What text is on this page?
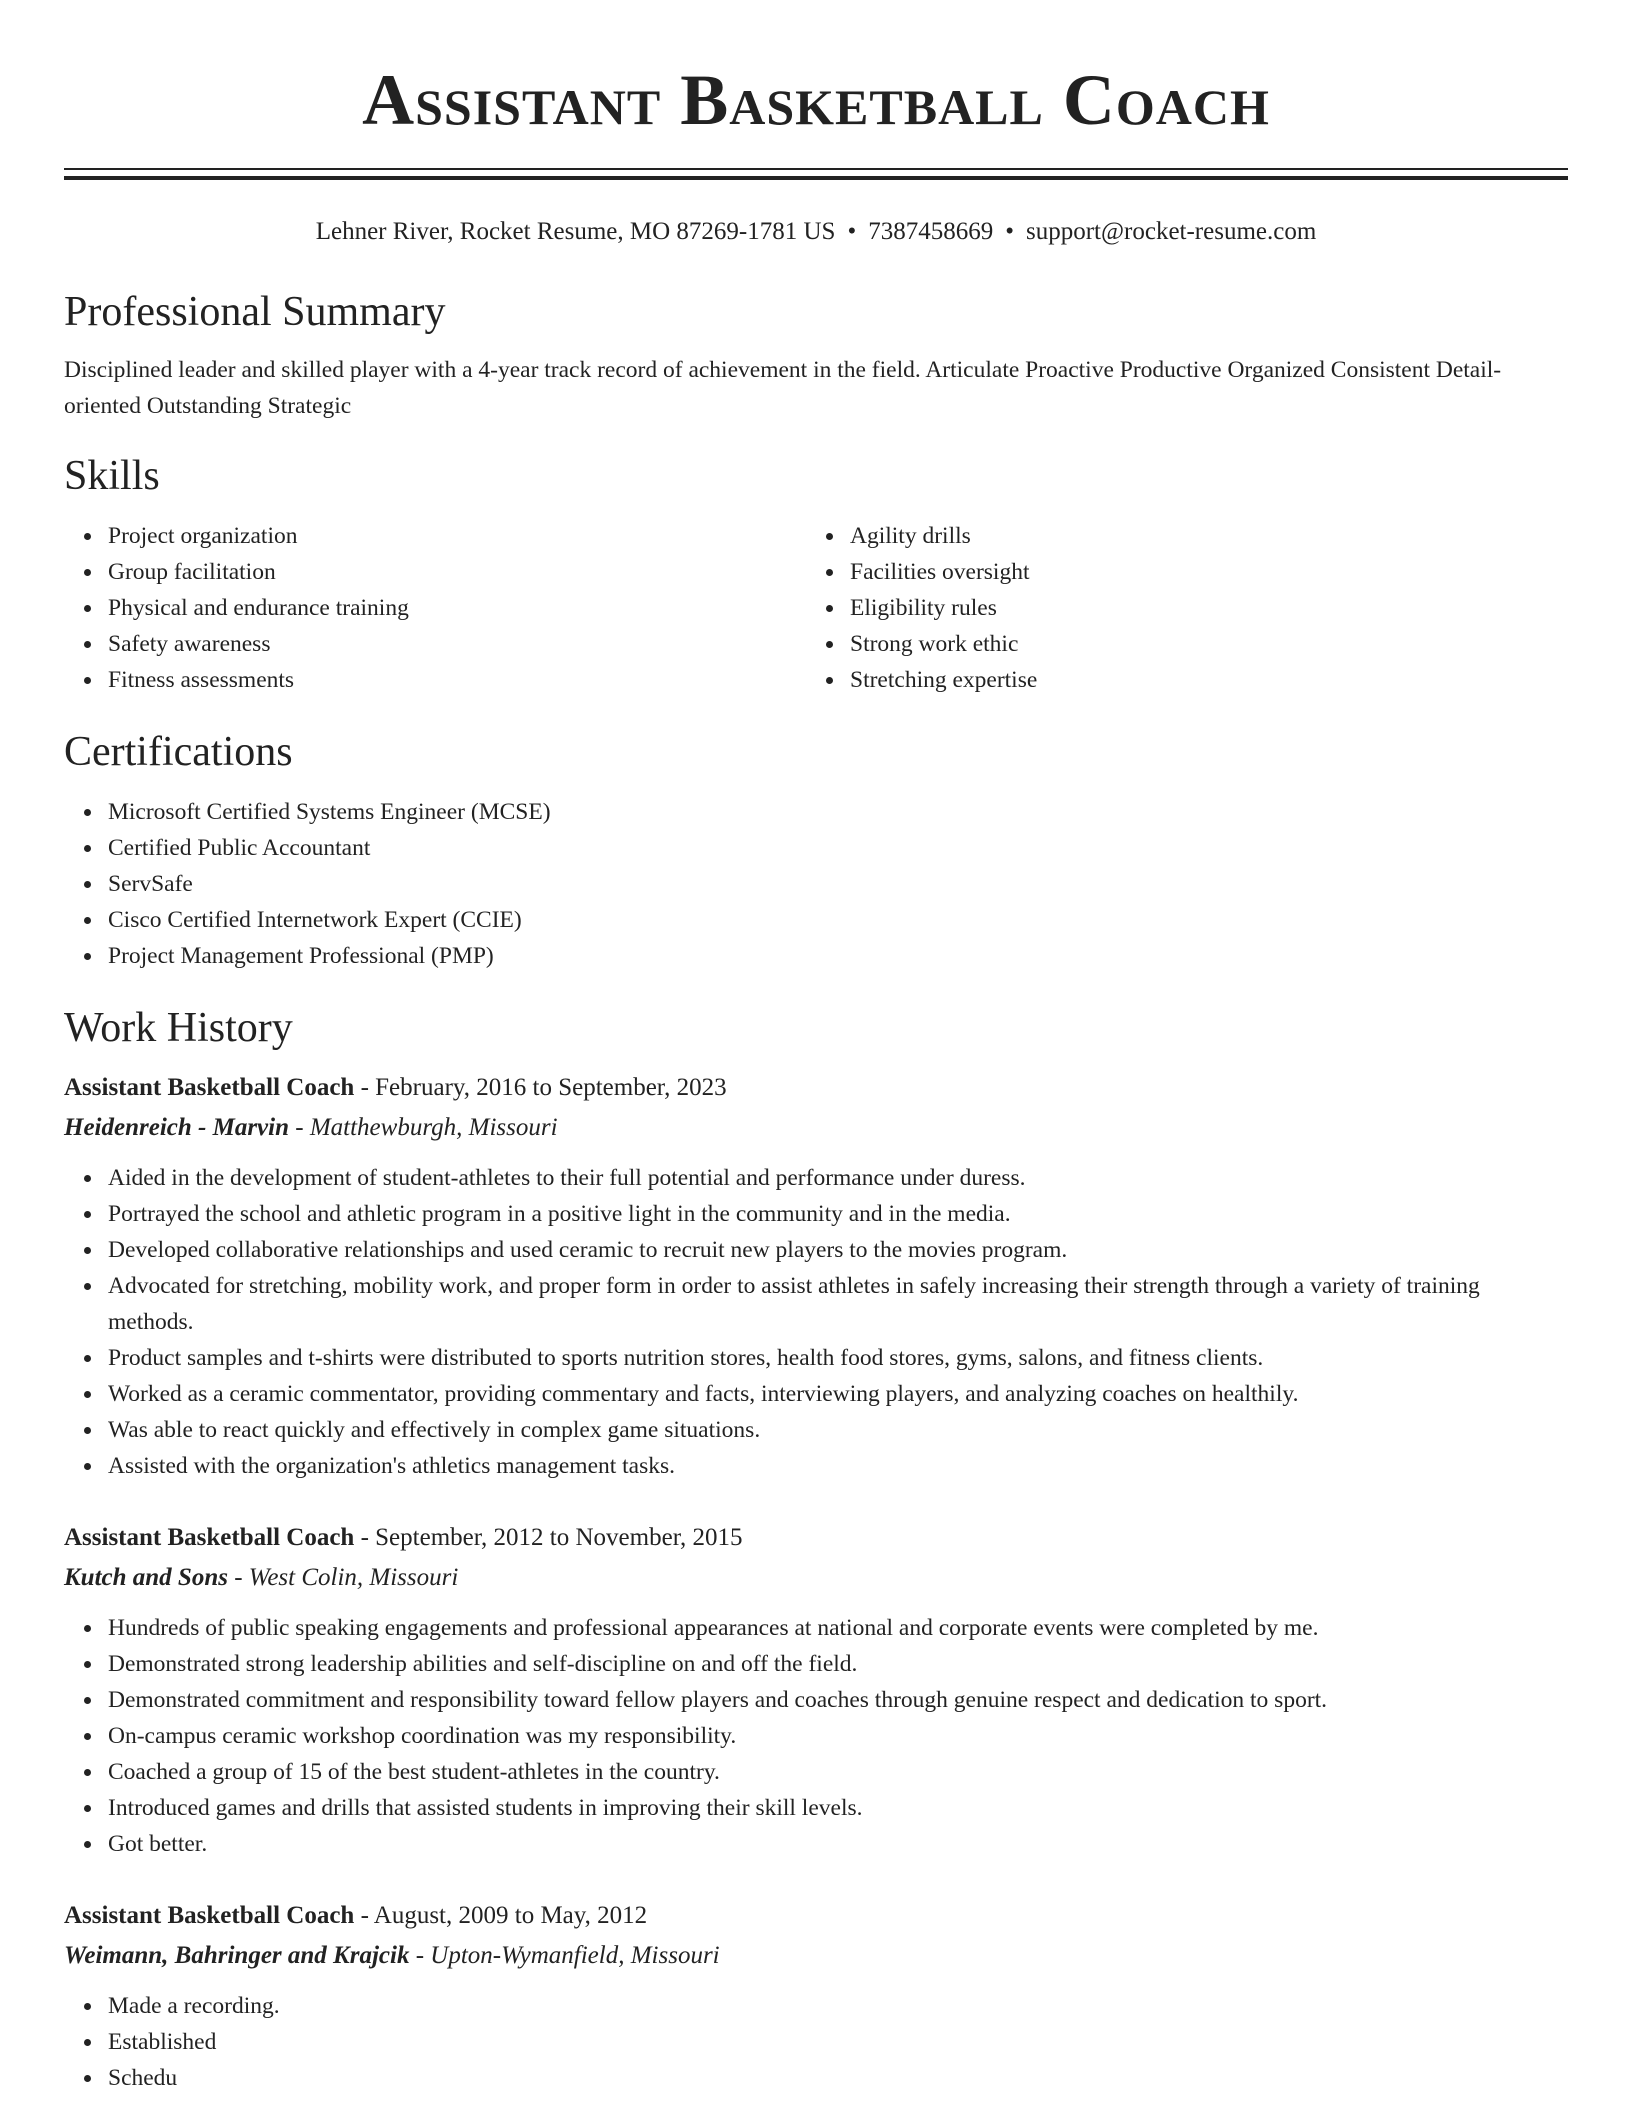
Assistant Basketball Coach
Lehner River, Rocket Resume, MO 87269-1781 US • 7387458669 • support@rocket-resume.com
Professional Summary

Disciplined leader and skilled player with a 4-year track record of achievement in the field. Articulate Proactive Productive Organized Consistent Detail-oriented Outstanding Strategic

Skills
Project organization
Group facilitation
Physical and endurance training
Safety awareness
Fitness assessments
Agility drills
Facilities oversight
Eligibility rules
Strong work ethic
Stretching expertise
Certifications
Microsoft Certified Systems Engineer (MCSE)
Certified Public Accountant
ServSafe
Cisco Certified Internetwork Expert (CCIE)
Project Management Professional (PMP)
Work History
Assistant Basketball Coach - February, 2016 to September, 2023
Heidenreich - Marvin - Matthewburgh, Missouri
Aided in the development of student-athletes to their full potential and performance under duress.
Portrayed the school and athletic program in a positive light in the community and in the media.
Developed collaborative relationships and used ceramic to recruit new players to the movies program.
Advocated for stretching, mobility work, and proper form in order to assist athletes in safely increasing their strength through a variety of training methods.
Product samples and t-shirts were distributed to sports nutrition stores, health food stores, gyms, salons, and fitness clients.
Worked as a ceramic commentator, providing commentary and facts, interviewing players, and analyzing coaches on healthily.
Was able to react quickly and effectively in complex game situations.
Assisted with the organization's athletics management tasks.
Assistant Basketball Coach - September, 2012 to November, 2015
Kutch and Sons - West Colin, Missouri
Hundreds of public speaking engagements and professional appearances at national and corporate events were completed by me.
Demonstrated strong leadership abilities and self-discipline on and off the field.
Demonstrated commitment and responsibility toward fellow players and coaches through genuine respect and dedication to sport.
On-campus ceramic workshop coordination was my responsibility.
Coached a group of 15 of the best student-athletes in the country.
Introduced games and drills that assisted students in improving their skill levels.
Got better.
Assistant Basketball Coach - August, 2009 to May, 2012
Weimann, Bahringer and Krajcik - Upton-Wymanfield, Missouri
Made a recording.
Established
Schedu
